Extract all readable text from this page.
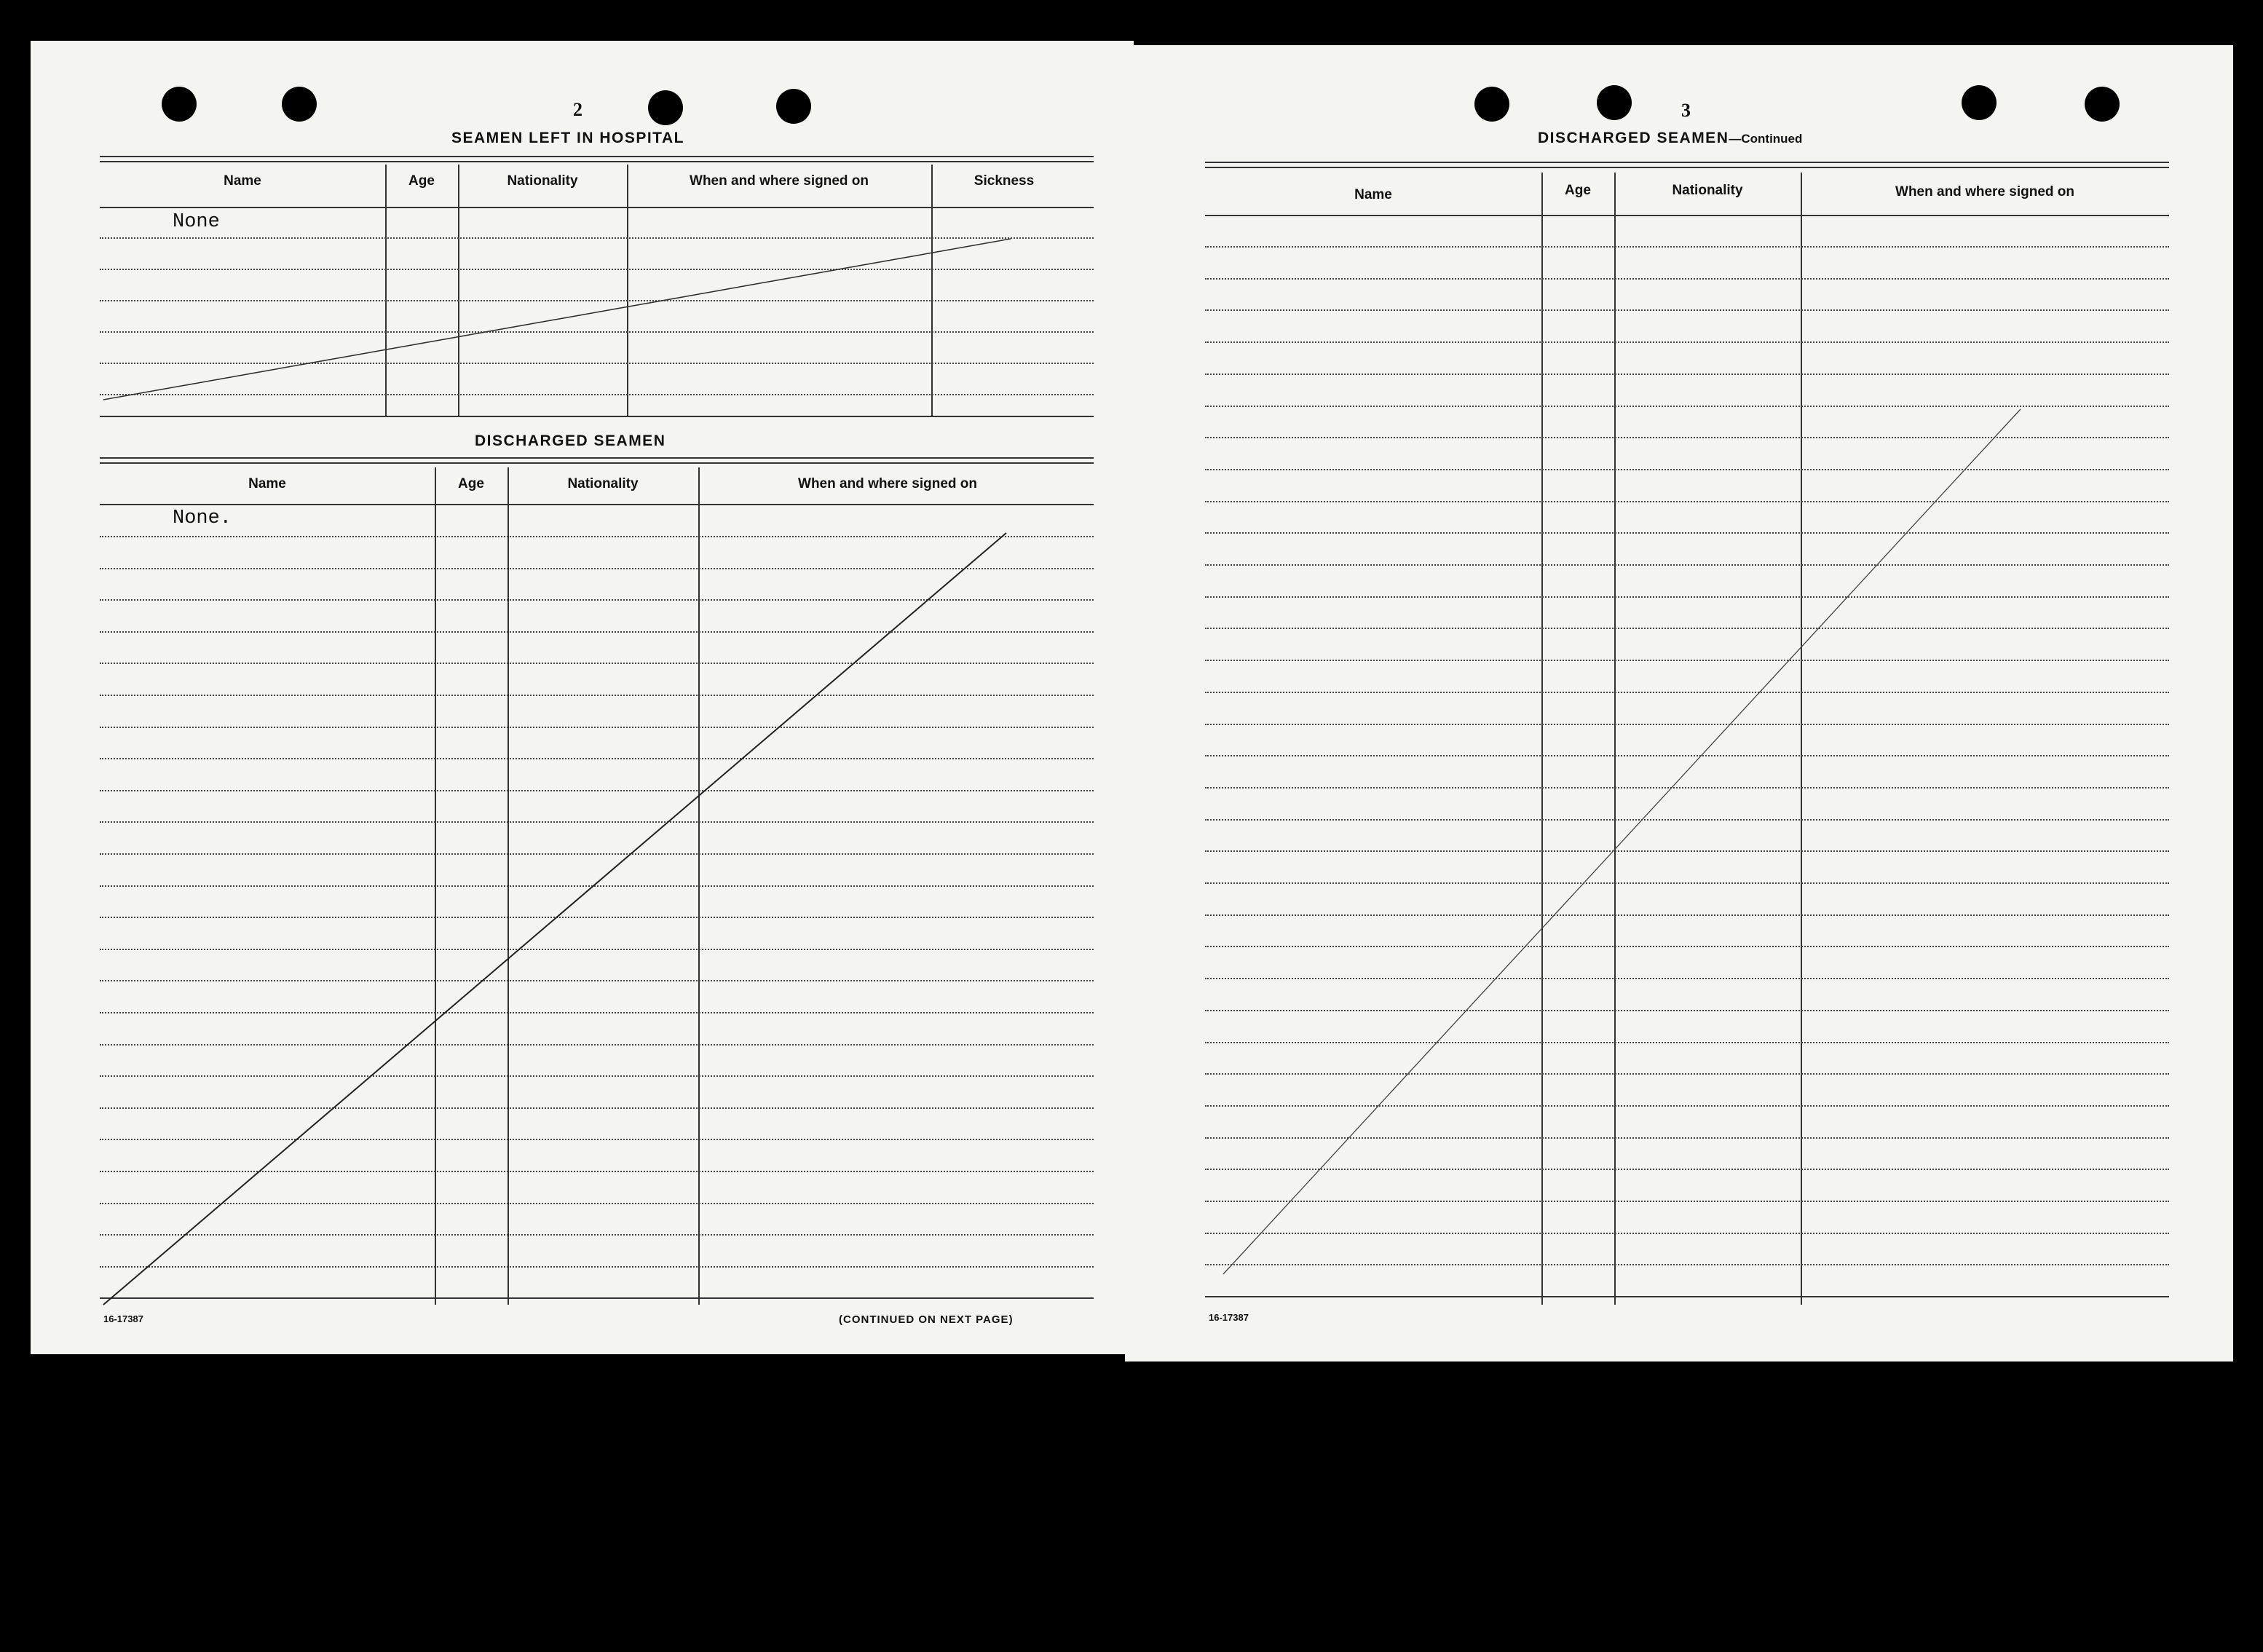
2
SEAMEN LEFT IN HOSPITAL
Name	Age	Nationality	When and where signed on	Sickness
None
DISCHARGED SEAMEN
Name	Age	Nationality	When and where signed on
None.
16-17387	(CONTINUED ON NEXT PAGE)
3
DISCHARGED SEAMEN—Continued
Name	Age	Nationality	When and where signed on
16-17387
